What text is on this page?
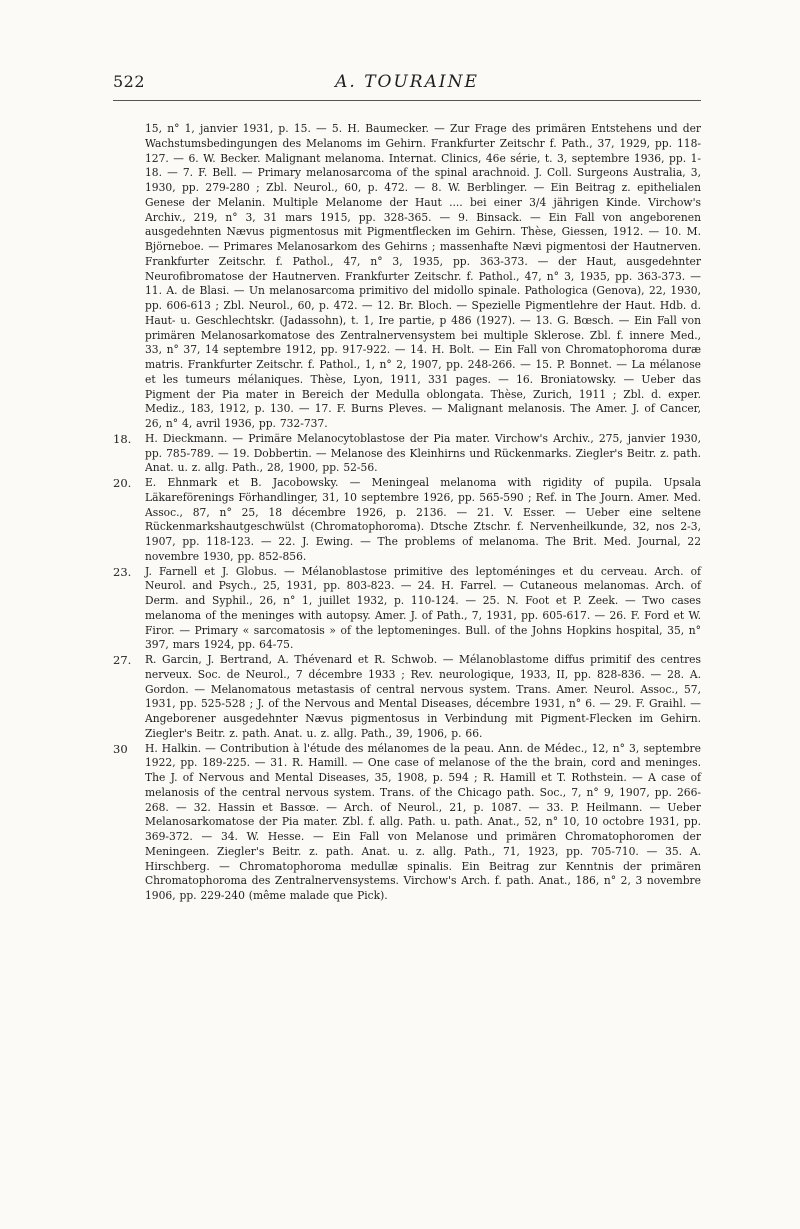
522	A. TOURAINE
15, n° 1, janvier 1931, p. 15. — 5. H. Baumecker. — Zur Frage des primären Entstehens und der Wachstumsbedingungen des Melanoms im Gehirn. Frankfurter Zeitschr f. Path., 37, 1929, pp. 118-127. — 6. W. Becker. Malignant melanoma. Internat. Clinics, 46e série, t. 3, septembre 1936, pp. 1-18. — 7. F. Bell. — Primary melanosarcoma of the spinal arachnoid. J. Coll. Surgeons Australia, 3, 1930, pp. 279-280 ; Zbl. Neurol., 60, p. 472. — 8. W. Berblinger. — Ein Beitrag z. epithelialen Genese der Melanin. Multiple Melanome der Haut .... bei einer 3/4 jährigen Kinde. Virchow's Archiv., 219, n° 3, 31 mars 1915, pp. 328-365. — 9. Binsack. — Ein Fall von angeborenen ausgedehnten Nævus pigmentosus mit Pigmentflecken im Gehirn. Thèse, Giessen, 1912. — 10. M. Björneboe. — Primares Melanosarkom des Gehirns ; massenhafte Nævi pigmentosi der Hautnerven. Frankfurter Zeitschr. f. Pathol., 47, n° 3, 1935, pp. 363-373. — der Haut, ausgedehnter Neurofibromatose der Hautnerven. Frankfurter Zeitschr. f. Pathol., 47, n° 3, 1935, pp. 363-373. — 11. A. de Blasi. — Un melanosarcoma primitivo del midollo spinale. Pathologica (Genova), 22, 1930, pp. 606-613 ; Zbl. Neurol., 60, p. 472. — 12. Br. Bloch. — Spezielle Pigmentlehre der Haut. Hdb. d. Haut- u. Geschlechtskr. (Jadassohn), t. 1, Ire partie, p 486 (1927). — 13. G. Bœsch. — Ein Fall von primären Melanosarkomatose des Zentralnervensystem bei multiple Sklerose. Zbl. f. innere Med., 33, n° 37, 14 septembre 1912, pp. 917-922. — 14. H. Bolt. — Ein Fall von Chromatophoroma duræ matris. Frankfurter Zeitschr. f. Pathol., 1, n° 2, 1907, pp. 248-266. — 15. P. Bonnet. — La mélanose et les tumeurs mélaniques. Thèse, Lyon, 1911, 331 pages. — 16. Broniatowsky. — Ueber das Pigment der Pia mater in Bereich der Medulla oblongata. Thèse, Zurich, 1911 ; Zbl. d. exper. Mediz., 183, 1912, p. 130. — 17. F. Burns Pleves. — Malignant melanosis. The Amer. J. of Cancer, 26, n° 4, avril 1936, pp. 732-737.
18. H. Dieckmann. — Primäre Melanocytoblastose der Pia mater. Virchow's Archiv., 275, janvier 1930, pp. 785-789. — 19. Dobbertin. — Melanose des Kleinhirns und Rückenmarks. Ziegler's Beitr. z. path. Anat. u. z. allg. Path., 28, 1900, pp. 52-56.
20. E. Ehnmark et B. Jacobowsky. — Meningeal melanoma with rigidity of pupila. Upsala Läkareförenings Förhandlinger, 31, 10 septembre 1926, pp. 565-590 ; Ref. in The Journ. Amer. Med. Assoc., 87, n° 25, 18 décembre 1926, p. 2136. — 21. V. Esser. — Ueber eine seltene Rückenmarkshautgeschwülst (Chromatophoroma). Dtsche Ztschr. f. Nervenheilkunde, 32, nos 2-3, 1907, pp. 118-123. — 22. J. Ewing. — The problems of melanoma. The Brit. Med. Journal, 22 novembre 1930, pp. 852-856.
23. J. Farnell et J. Globus. — Mélanoblastose primitive des leptoméninges et du cerveau. Arch. of Neurol. and Psych., 25, 1931, pp. 803-823. — 24. H. Farrel. — Cutaneous melanomas. Arch. of Derm. and Syphil., 26, n° 1, juillet 1932, p. 110-124. — 25. N. Foot et P. Zeek. — Two cases melanoma of the meninges with autopsy. Amer. J. of Path., 7, 1931, pp. 605-617. — 26. F. Ford et W. Firor. — Primary « sarcomatosis » of the leptomeninges. Bull. of the Johns Hopkins hospital, 35, n° 397, mars 1924, pp. 64-75.
27. R. Garcin, J. Bertrand, A. Thévenard et R. Schwob. — Mélanoblastome diffus primitif des centres nerveux. Soc. de Neurol., 7 décembre 1933 ; Rev. neurologique, 1933, II, pp. 828-836. — 28. A. Gordon. — Melanomatous metastasis of central nervous system. Trans. Amer. Neurol. Assoc., 57, 1931, pp. 525-528 ; J. of the Nervous and Mental Diseases, décembre 1931, n° 6. — 29. F. Graihl. — Angeborener ausgedehnter Nævus pigmentosus in Verbindung mit Pigment-Flecken im Gehirn. Ziegler's Beitr. z. path. Anat. u. z. allg. Path., 39, 1906, p. 66.
30 H. Halkin. — Contribution à l'étude des mélanomes de la peau. Ann. de Médec., 12, n° 3, septembre 1922, pp. 189-225. — 31. R. Hamill. — One case of melanose of the the brain, cord and meninges. The J. of Nervous and Mental Diseases, 35, 1908, p. 594 ; R. Hamill et T. Rothstein. — A case of melanosis of the central nervous system. Trans. of the Chicago path. Soc., 7, n° 9, 1907, pp. 266-268. — 32. Hassin et Bassœ. — Arch. of Neurol., 21, p. 1087. — 33. P. Heilmann. — Ueber Melanosarkomatose der Pia mater. Zbl. f. allg. Path. u. path. Anat., 52, n° 10, 10 octobre 1931, pp. 369-372. — 34. W. Hesse. — Ein Fall von Melanose und primären Chromatophoromen der Meningeen. Ziegler's Beitr. z. path. Anat. u. z. allg. Path., 71, 1923, pp. 705-710. — 35. A. Hirschberg. — Chromatophoroma medullæ spinalis. Ein Beitrag zur Kenntnis der primären Chromatophoroma des Zentralnervensystems. Virchow's Arch. f. path. Anat., 186, n° 2, 3 novembre 1906, pp. 229-240 (même malade que Pick).
